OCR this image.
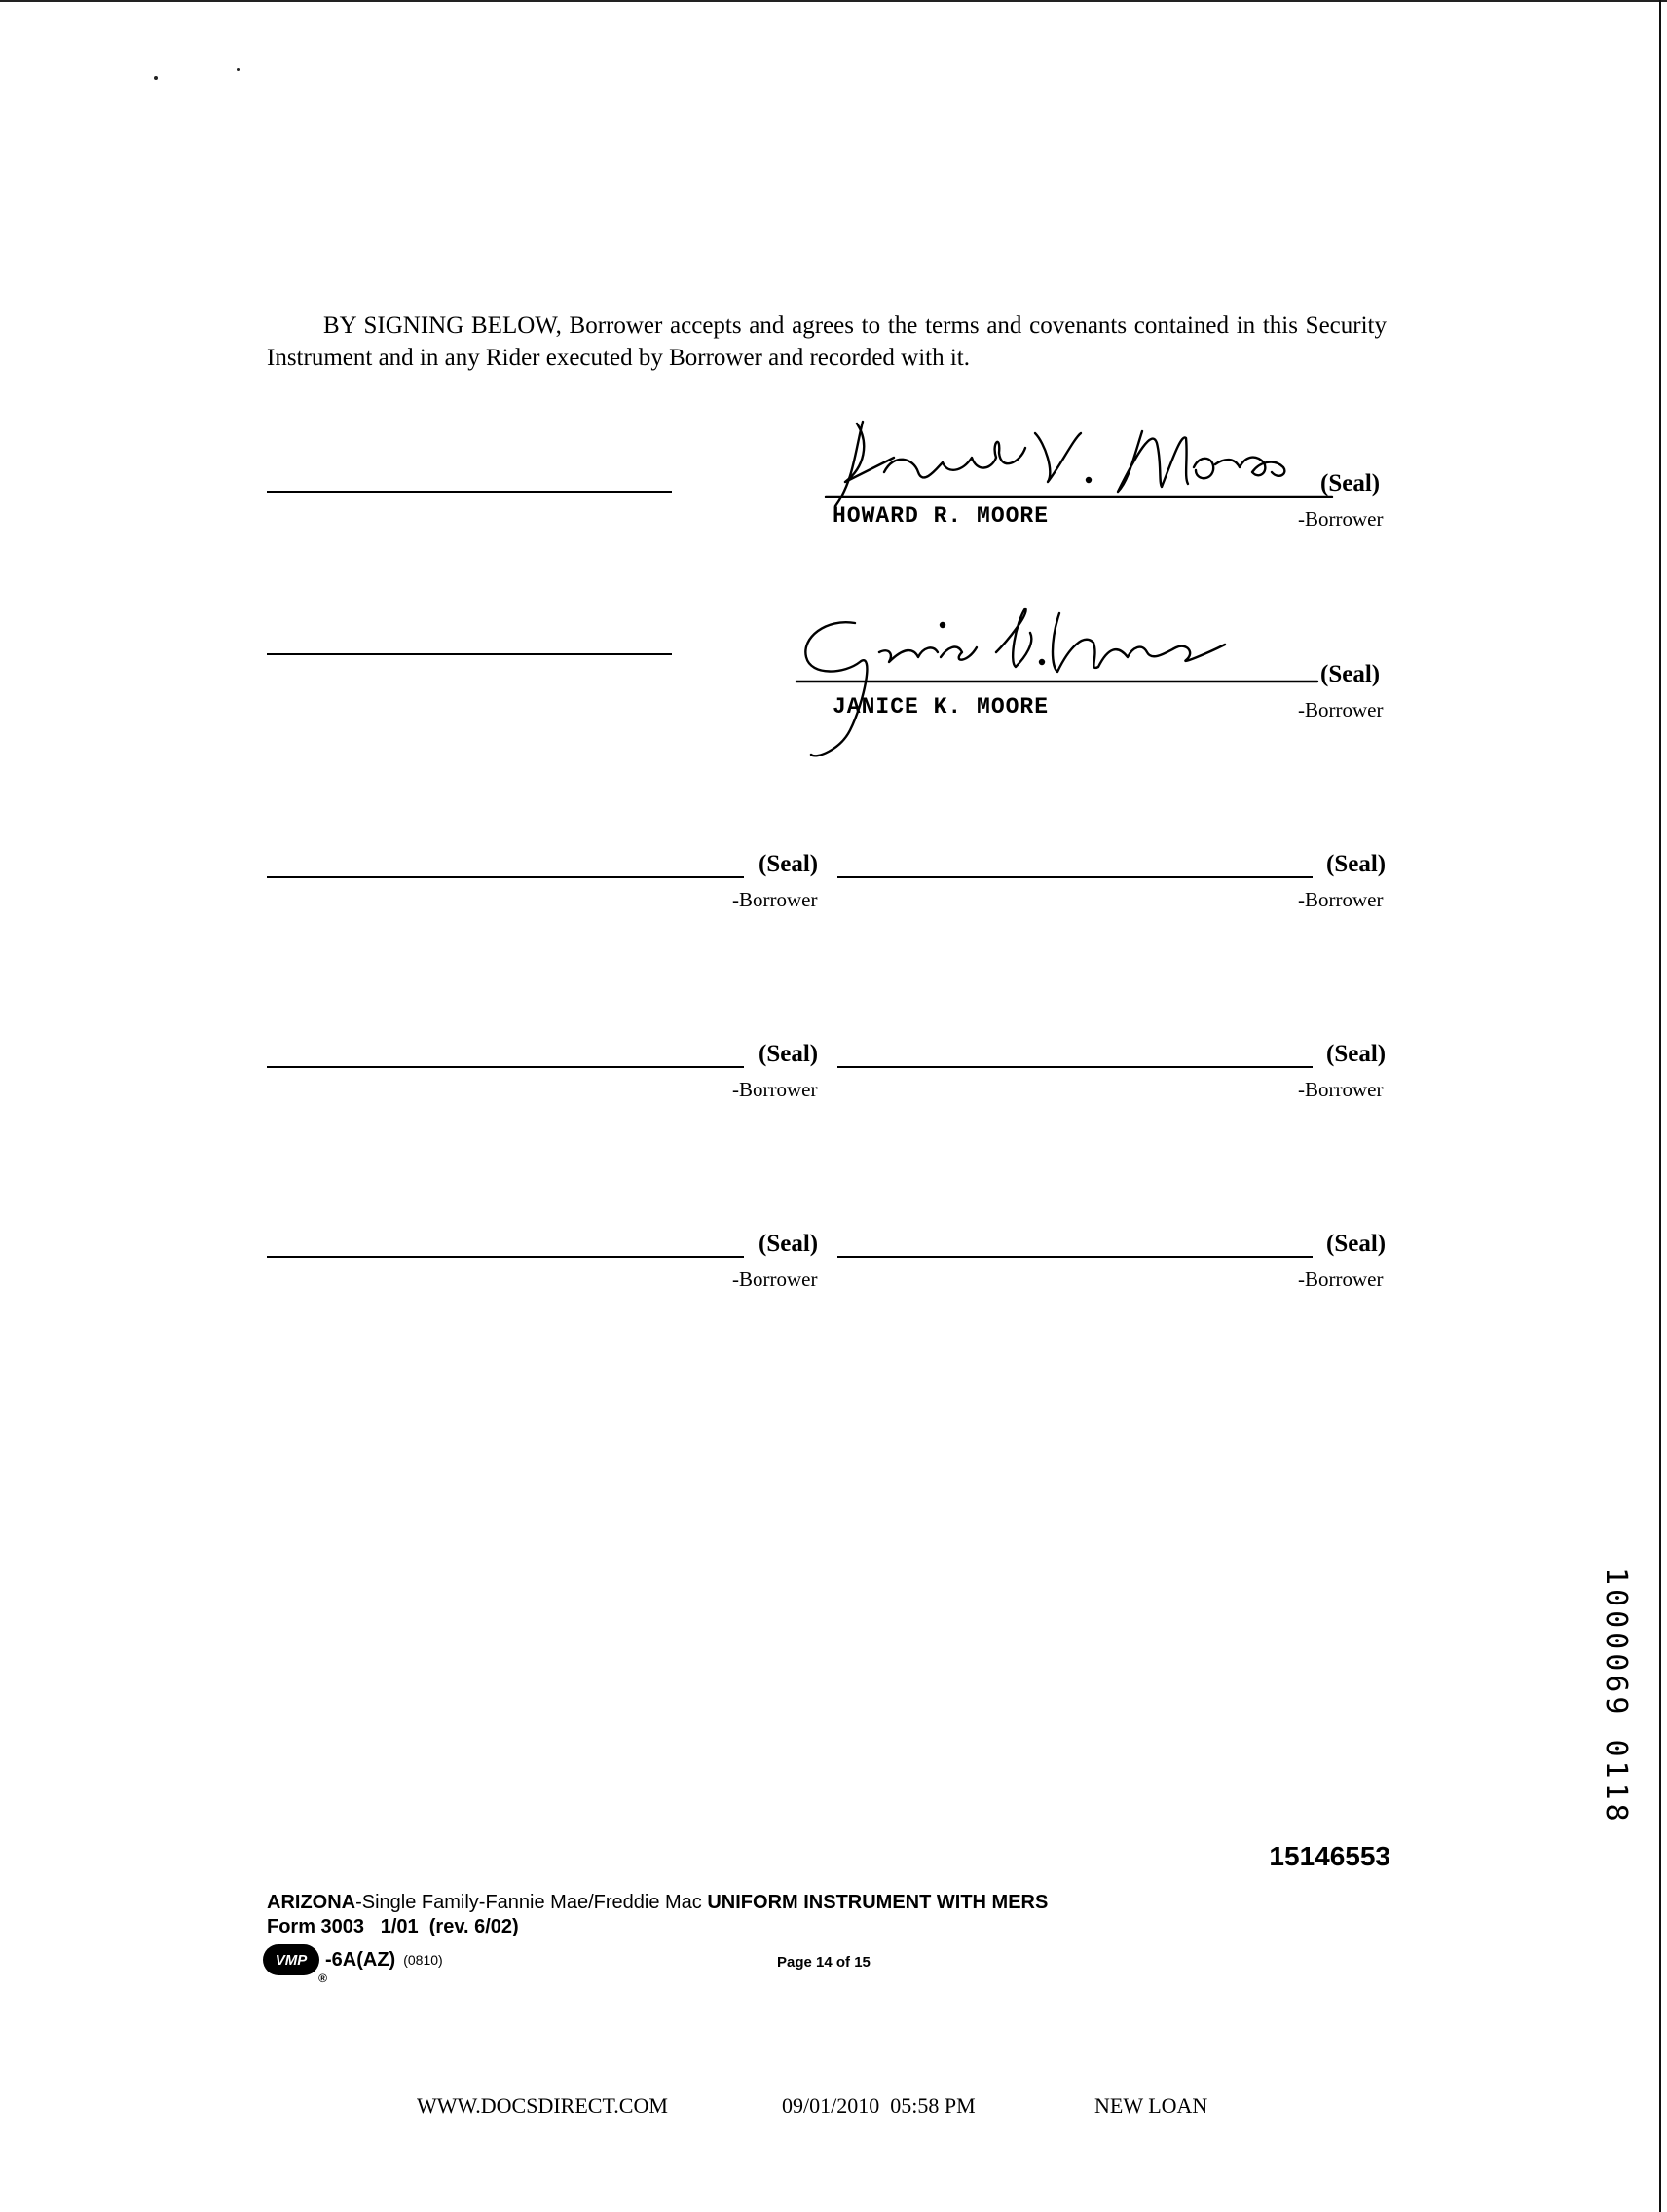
BY SIGNING BELOW, Borrower accepts and agrees to the terms and covenants contained in this Security Instrument and in any Rider executed by Borrower and recorded with it.
HOWARD R. MOORE
(Seal)
-Borrower
JANICE K. MOORE
(Seal)
-Borrower
(Seal)
-Borrower
(Seal)
-Borrower
(Seal)
-Borrower
(Seal)
-Borrower
(Seal)
-Borrower
(Seal)
-Borrower
1000069 0118
15146553
ARIZONA-Single Family-Fannie Mae/Freddie Mac UNIFORM INSTRUMENT WITH MERS
Form 3003   1/01  (rev. 6/02)
VMP
®
-6A(AZ) (0810)	Page 14 of 15
WWW.DOCSDIRECT.COM	09/01/2010  05:58 PM	NEW LOAN
